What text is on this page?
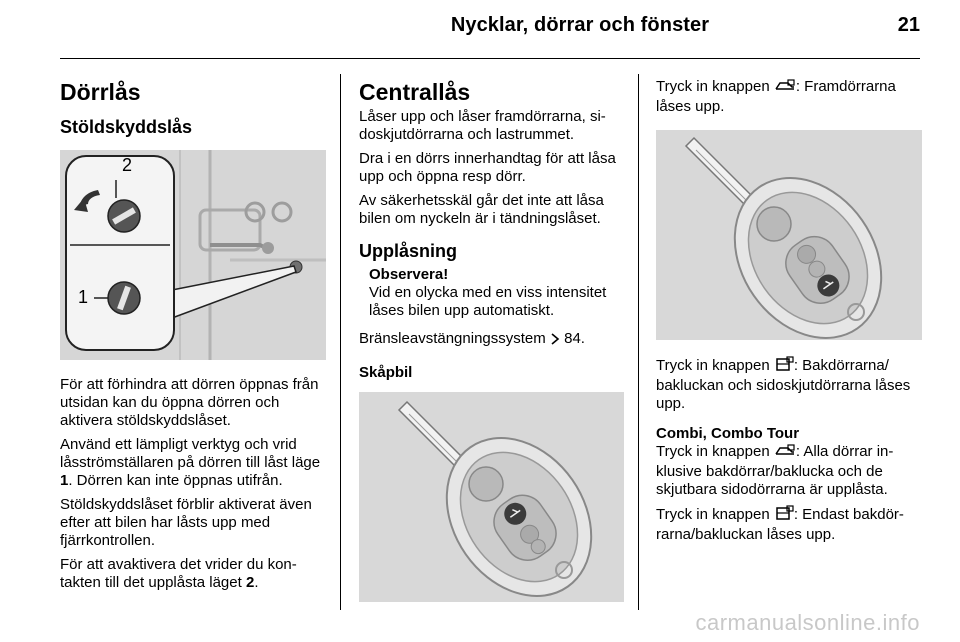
Nycklar, dörrar och fönster	21
Dörrlås
Stöldskyddslås
2
1

För att förhindra att dörren öppnas från utsidan kan du öppna dörren och aktivera stöldskyddslåset.

Använd ett lämpligt verktyg och vrid låsströmställaren på dörren till låst läge 1. Dörren kan inte öppnas utifrån.

Stöldskyddslåset förblir aktiverat även efter att bilen har låsts upp med fjärrkontrollen.

För att avaktivera det vrider du kontakten till det upplåsta läget 2.

Centrallås

Låser upp och låser framdörrarna, sidoskjutdörrarna och lastrummet.

Dra i en dörrs innerhandtag för att låsa upp och öppna resp dörr.

Av säkerhetsskäl går det inte att låsa bilen om nyckeln är i tändningslåset.

Upplåsning
Observera!
Vid en olycka med en viss intensitet låses bilen upp automatiskt.

Bränsleavstängningssystem 84.

Skåpbil

Tryck in knappen : Framdörrarna låses upp.

Tryck in knappen : Bakdörrarna/ bakluckan och sidoskjutdörrarna låses upp.

Combi, Combo Tour

Tryck in knappen : Alla dörrar inklusive bakdörrar/baklucka och de skjutbara sidodörrarna är upplåsta.

Tryck in knappen : Endast bakdörrarna/bakluckan låses upp.

carmanualsonline.info
